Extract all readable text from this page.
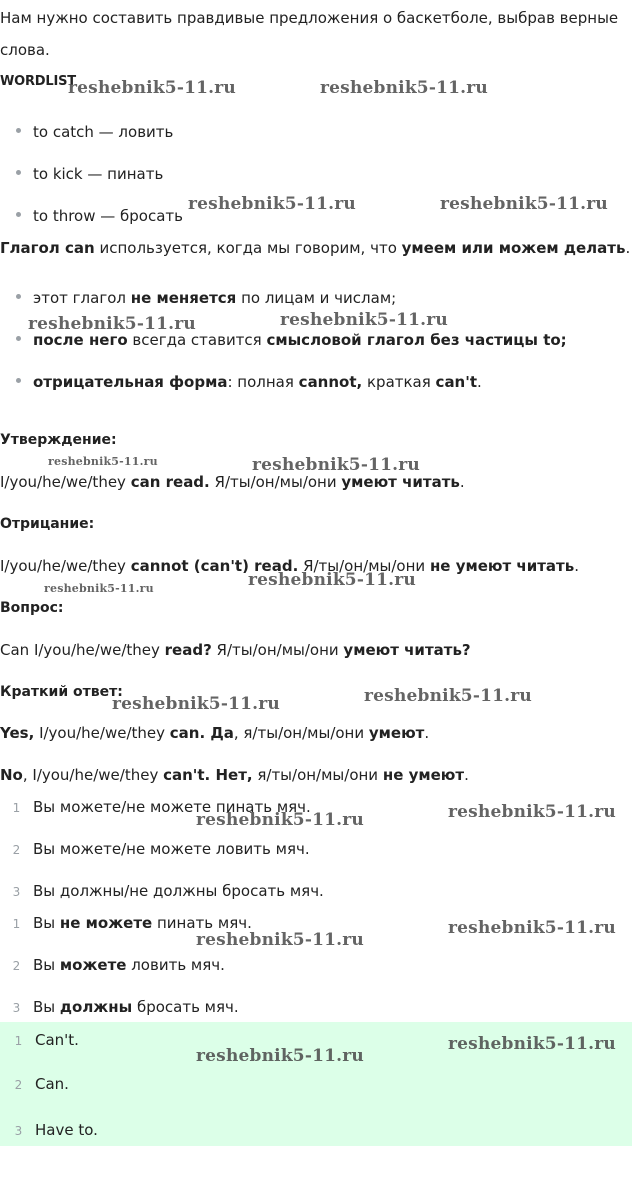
Нам нужно составить правдивые предложения о баскетболе, выбрав верные
слова.
WORDLIST
to catch — ловить
to kick — пинать
to throw — бросать
Глагол can используется, когда мы говорим, что умеем или можем делать.
этот глагол не меняется по лицам и числам;
после него всегда ставится смысловой глагол без частицы to;
отрицательная форма: полная cannot, краткая can't.
Утверждение:
I/you/he/we/they can read. Я/ты/он/мы/они умеют читать.
Отрицание:
I/you/he/we/they cannot (can't) read. Я/ты/он/мы/они не умеют читать.
Вопрос:
Can I/you/he/we/they read? Я/ты/он/мы/они умеют читать?
Краткий ответ:
Yes, I/you/he/we/they can. Да, я/ты/он/мы/они умеют.
No, I/you/he/we/they can't. Нет, я/ты/он/мы/они не умеют.
1 Вы можете/не можете пинать мяч.
2 Вы можете/не можете ловить мяч.
3 Вы должны/не должны бросать мяч.
1 Вы не можете пинать мяч.
2 Вы можете ловить мяч.
3 Вы должны бросать мяч.
1 Can't.
2 Can.
3 Have to.
reshebnik5-11.ru	reshebnik5-11.ru
reshebnik5-11.ru	reshebnik5-11.ru
reshebnik5-11.ru	reshebnik5-11.ru
reshebnik5-11.ru	reshebnik5-11.ru
reshebnik5-11.ru	reshebnik5-11.ru
reshebnik5-11.ru	reshebnik5-11.ru
reshebnik5-11.ru	reshebnik5-11.ru
reshebnik5-11.ru
reshebnik5-11.ru
reshebnik5-11.ru
reshebnik5-11.ru
